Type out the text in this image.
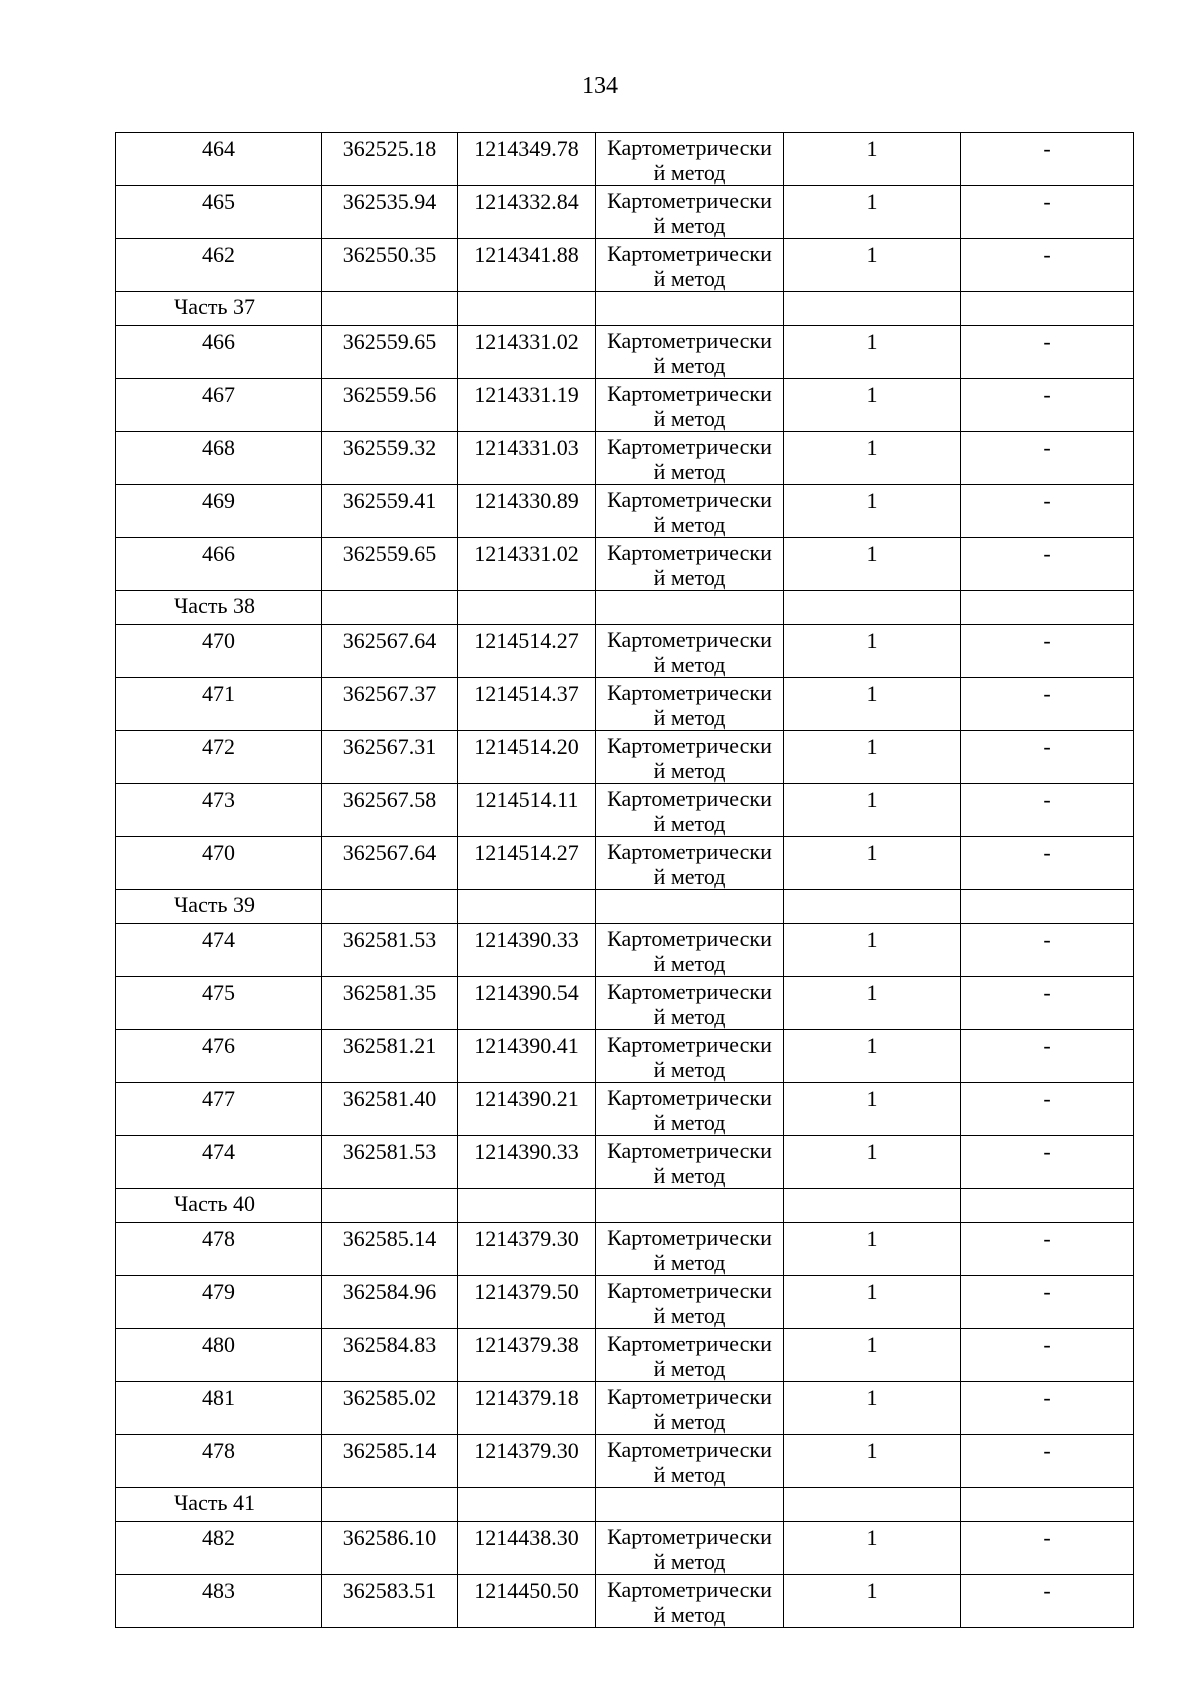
134
464	362525.18	1214349.78	Картометрически
й метод	1	-

465	362535.94	1214332.84	Картометрически
й метод	1	-

462	362550.35	1214341.88	Картометрически
й метод	1	-

Часть 37					

466	362559.65	1214331.02	Картометрически
й метод	1	-

467	362559.56	1214331.19	Картометрически
й метод	1	-

468	362559.32	1214331.03	Картометрически
й метод	1	-

469	362559.41	1214330.89	Картометрически
й метод	1	-

466	362559.65	1214331.02	Картометрически
й метод	1	-

Часть 38					

470	362567.64	1214514.27	Картометрически
й метод	1	-

471	362567.37	1214514.37	Картометрически
й метод	1	-

472	362567.31	1214514.20	Картометрически
й метод	1	-

473	362567.58	1214514.11	Картометрически
й метод	1	-

470	362567.64	1214514.27	Картометрически
й метод	1	-

Часть 39					

474	362581.53	1214390.33	Картометрически
й метод	1	-

475	362581.35	1214390.54	Картометрически
й метод	1	-

476	362581.21	1214390.41	Картометрически
й метод	1	-

477	362581.40	1214390.21	Картометрически
й метод	1	-

474	362581.53	1214390.33	Картометрически
й метод	1	-

Часть 40					

478	362585.14	1214379.30	Картометрически
й метод	1	-

479	362584.96	1214379.50	Картометрически
й метод	1	-

480	362584.83	1214379.38	Картометрически
й метод	1	-

481	362585.02	1214379.18	Картометрически
й метод	1	-

478	362585.14	1214379.30	Картометрически
й метод	1	-

Часть 41					

482	362586.10	1214438.30	Картометрически
й метод	1	-

483	362583.51	1214450.50	Картометрически
й метод	1	-
